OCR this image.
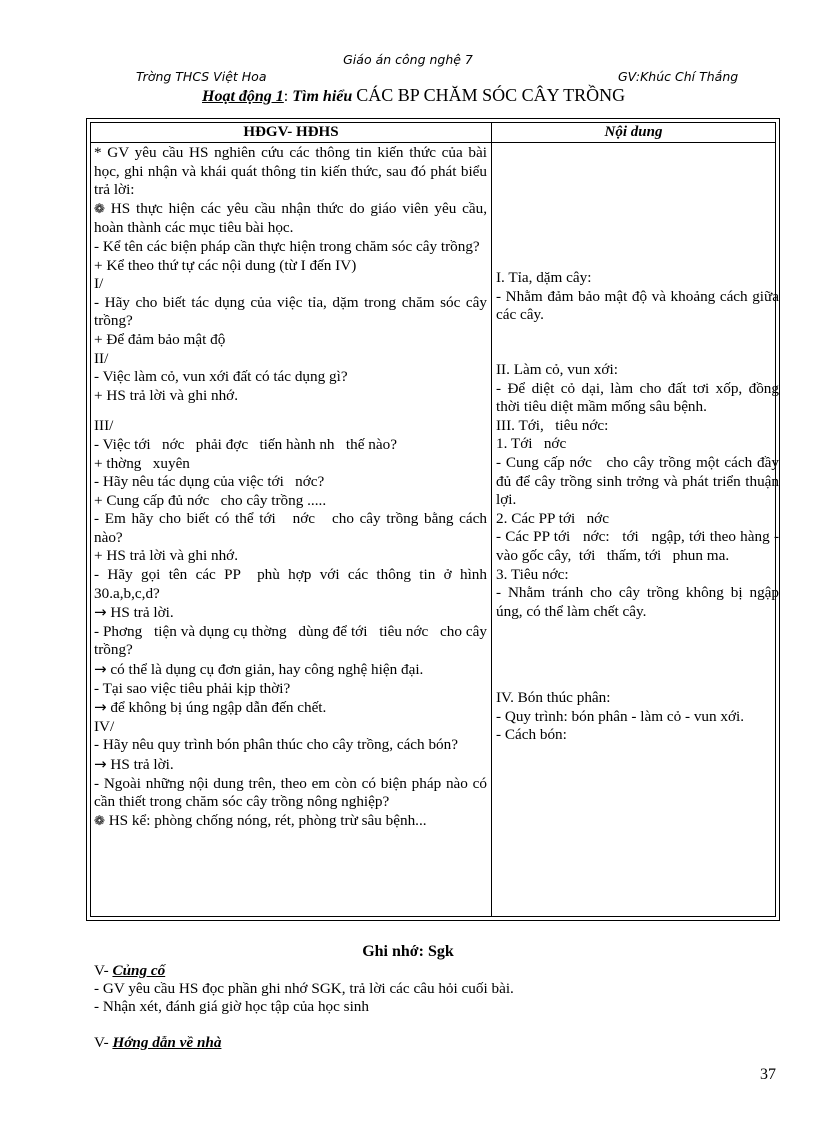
Giáo án công nghệ 7
Trờng THCS Việt Hoa	GV:Khúc Chí Thắng
Hoạt động 1: Tìm hiểu CÁC BP CHĂM SÓC CÂY TRỒNG
HĐGV- HĐHS	Nội dung
* GV yêu cầu HS nghiên cứu các thông tin kiến thức của bài học, ghi nhận và khái quát thông tin kiến thức, sau đó phát biểu trả lời:
❁ HS thực hiện các yêu cầu nhận thức do giáo viên yêu cầu, hoàn thành các mục tiêu bài học.
- Kể tên các biện pháp cần thực hiện trong chăm sóc cây trồng?
+ Kể theo thứ tự các nội dung (từ I đến IV)
I/
- Hãy cho biết tác dụng của việc tỉa, dặm trong chăm sóc cây trồng?
+ Để đảm bảo mật độ
II/
- Việc làm cỏ, vun xới đất có tác dụng gì?
+ HS trả lời và ghi nhớ.
III/
- Việc tới   nớc   phải đợc   tiến hành nh   thế nào?
+ thờng   xuyên
- Hãy nêu tác dụng của việc tới   nớc?
+ Cung cấp đủ nớc   cho cây trồng .....
- Em hãy cho biết có thể tới   nớc   cho cây trồng bằng cách nào?
+ HS trả lời và ghi nhớ.
- Hãy gọi tên các PP  phù hợp với các thông tin ở hình 30.a,b,c,d?
→ HS trả lời.
- Phơng   tiện và dụng cụ thờng   dùng để tới   tiêu nớc   cho cây trồng?
→ có thể là dụng cụ đơn giản, hay công nghệ hiện đại.
- Tại sao việc tiêu phải kịp thời?
→ để không bị úng ngập dẫn đến chết.
IV/
- Hãy nêu quy trình bón phân thúc cho cây trồng, cách bón?
→ HS trả lời.
- Ngoài những nội dung trên, theo em còn có biện pháp nào có cần thiết trong chăm sóc cây trồng nông nghiệp?
❁ HS kể: phòng chống nóng, rét, phòng trừ sâu bệnh...
I. Tỉa, dặm cây:
- Nhằm đảm bảo mật độ và khoảng cách giữa các cây.
II. Làm cỏ, vun xới:
- Để diệt cỏ dại, làm cho đất tơi xốp, đồng thời tiêu diệt mầm mống sâu bệnh.
III. Tới,   tiêu nớc:
1. Tới   nớc
- Cung cấp nớc   cho cây trồng một cách đầy đủ để cây trồng sinh trởng và phát triển thuận lợi.
2. Các PP tới   nớc
- Các PP tới   nớc:   tới   ngập, tới theo hàng - vào gốc cây,  tới   thấm, tới   phun ma.
3. Tiêu nớc:
- Nhằm tránh cho cây trồng không bị ngập úng, có thể làm chết cây.
IV. Bón thúc phân:
- Quy trình: bón phân - làm cỏ - vun xới.
- Cách bón:
Ghi nhớ: Sgk
V- Củng cố
- GV yêu cầu HS đọc phần ghi nhớ SGK, trả lời các câu hỏi cuối bài.
- Nhận xét, đánh giá giờ học tập của học sinh
V- Hớng dẫn về nhà
37
